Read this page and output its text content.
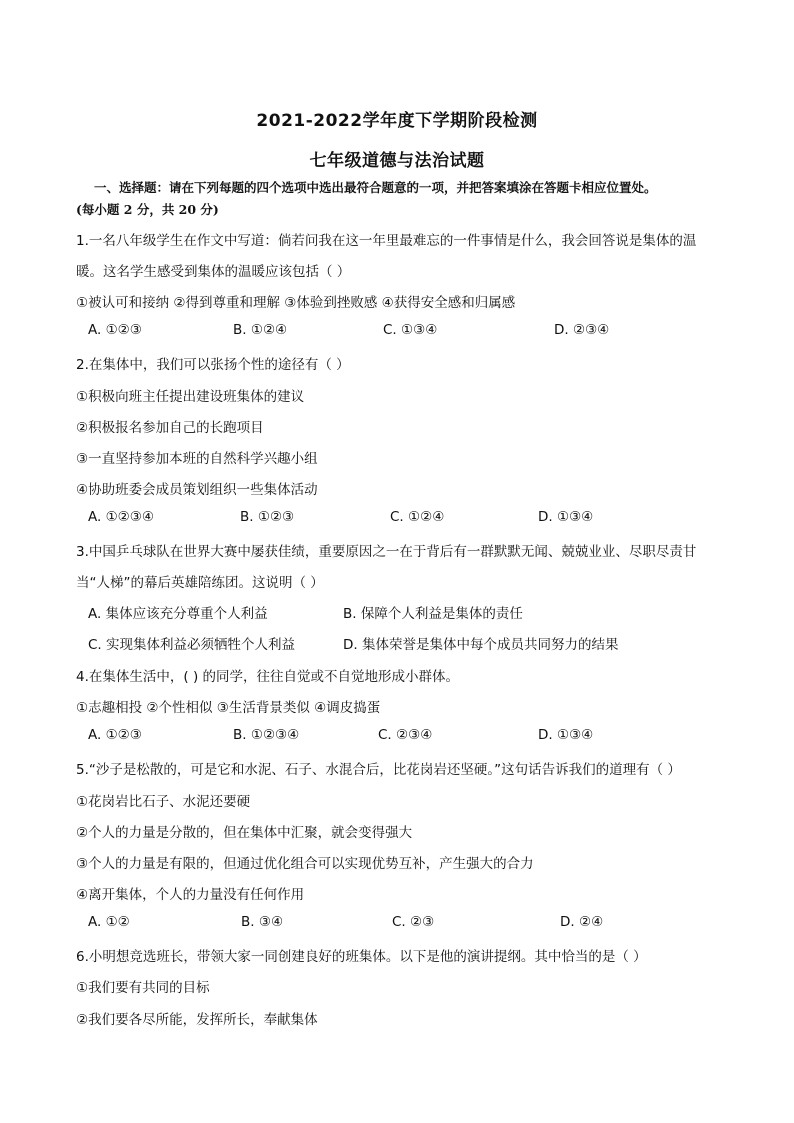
2021-2022学年度下学期阶段检测
七年级道德与法治试题
一、选择题：请在下列每题的四个选项中选出最符合题意的一项，并把答案填涂在答题卡相应位置处。
(每小题 2 分，共 20 分)
1.一名八年级学生在作文中写道：倘若问我在这一年里最难忘的一件事情是什么，我会回答说是集体的温
暖。这名学生感受到集体的温暖应该包括（ ）
①被认可和接纳 ②得到尊重和理解 ③体验到挫败感 ④获得安全感和归属感
A. ①②③	B. ①②④	C. ①③④	D. ②③④
2.在集体中，我们可以张扬个性的途径有（ ）
①积极向班主任提出建设班集体的建议
②积极报名参加自己的长跑项目
③一直坚持参加本班的自然科学兴趣小组
④协助班委会成员策划组织一些集体活动
A. ①②③④	B. ①②③	C. ①②④	D. ①③④
3.中国乒乓球队在世界大赛中屡获佳绩，重要原因之一在于背后有一群默默无闻、兢兢业业、尽职尽责甘
当“人梯”的幕后英雄陪练团。这说明（ ）
A. 集体应该充分尊重个人利益	B. 保障个人利益是集体的责任
C. 实现集体利益必须牺牲个人利益	D. 集体荣誉是集体中每个成员共同努力的结果
4.在集体生活中，( ) 的同学，往往自觉或不自觉地形成小群体。
①志趣相投 ②个性相似 ③生活背景类似 ④调皮捣蛋
A. ①②③	B. ①②③④	C. ②③④	D. ①③④
5.“沙子是松散的，可是它和水泥、石子、水混合后，比花岗岩还坚硬。”这句话告诉我们的道理有（ ）
①花岗岩比石子、水泥还要硬
②个人的力量是分散的，但在集体中汇聚，就会变得强大
③个人的力量是有限的，但通过优化组合可以实现优势互补，产生强大的合力
④离开集体，个人的力量没有任何作用
A. ①②	B. ③④	C. ②③	D. ②④
6.小明想竞选班长，带领大家一同创建良好的班集体。以下是他的演讲提纲。其中恰当的是（ ）
①我们要有共同的目标
②我们要各尽所能，发挥所长，奉献集体
